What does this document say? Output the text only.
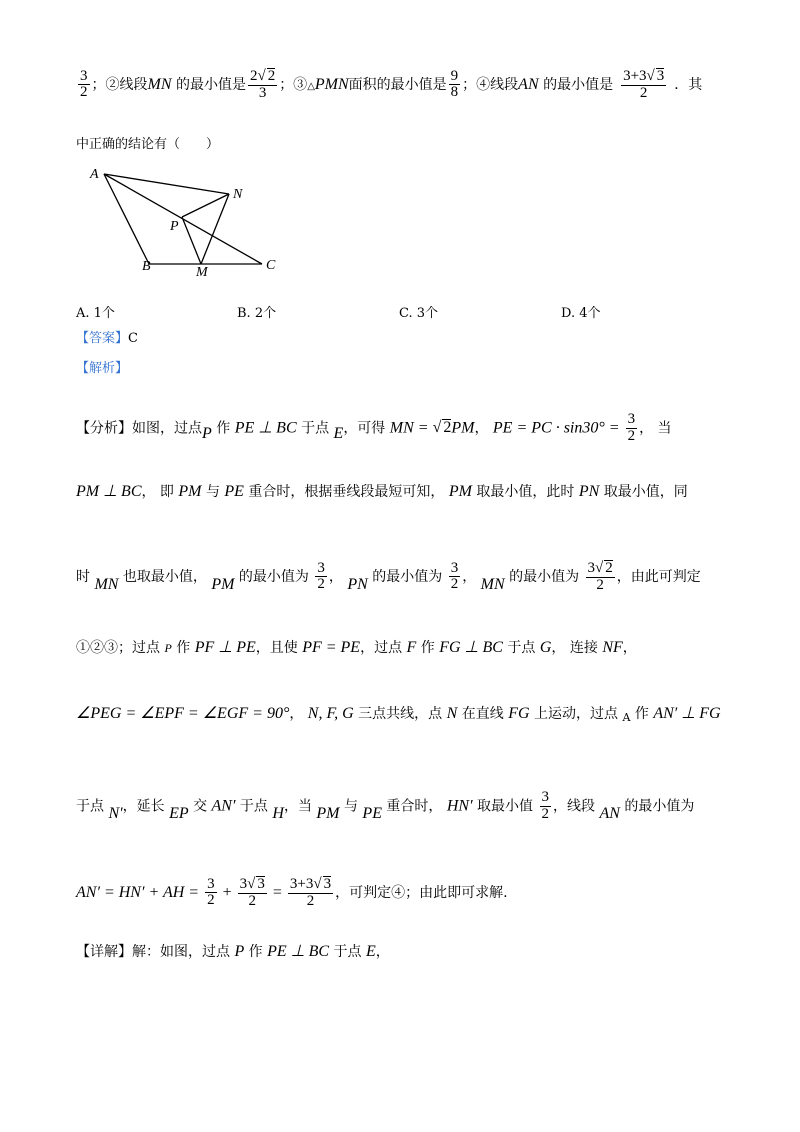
$\frac{3}{2}$ ；②线段MN 的最小值是 $\frac{2√ 2}{3}$ ；③△PMN面积的最小值是 $\frac{9}{8}$ ；④线段AN 的最小值是 $\frac{3+3√ 3}{2}$ ．其
中正确的结论有（　　）
A
N
P
B	M	C
A. 1个	B. 2个	C. 3个	D. 4个
【答案】C
【解析】
【分析】如图，过点P 作 PE ⊥ BC 于点 E，可得 MN = √ 2PM， PE = PC · $\sin 30^\circ = \frac{3}{2}$ ， 当
PM ⊥ BC， 即 PM 与 PE 重合时，根据垂线段最短可知， PM 取最小值，此时 PN 取最小值，同
时 MN 也取最小值， PM 的最小值为 $\frac{3}{2}$ ， PN 的最小值为 $\frac{3}{2}$ ， MN 的最小值为 $\frac{3√ 2}{2}$ ，由此可判定
①②③；过点 P 作 PF ⊥ PE，且使 PF = PE，过点 F 作 FG ⊥ BC 于点 G， 连接 NF，
∠PEG = ∠EPF = ∠EGF = 90°， N, F, G 三点共线，点 N 在直线 FG 上运动，过点 $_A$ 作 AN′ ⊥ FG
于点 N′，延长 EP 交 AN′ 于点 H，当 PM 与 PE 重合时， HN′ 取最小值 $\frac{3}{2}$ ，线段 AN 的最小值为
AN′ = HN′ + AH = $\frac{3}{2} + \frac{3√ 3}{2} = \frac{3+3√ 3}{2}$ ，可判定④；由此即可求解.
【详解】解：如图，过点 P 作 PE ⊥ BC 于点 E，
